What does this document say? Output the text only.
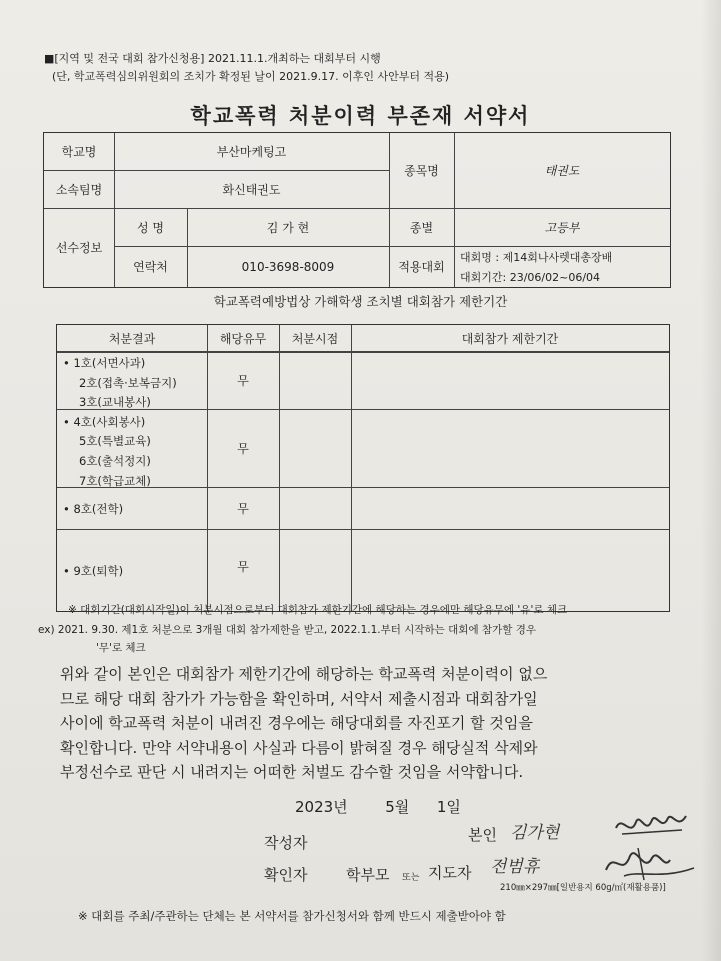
■[지역 및 전국 대회 참가신청용] 2021.11.1.개최하는 대회부터 시행
(단, 학교폭력심의위원회의 조치가 확정된 날이 2021.9.17. 이후인 사안부터 적용)
학교폭력 처분이력 부존재 서약서
학교명	부산마케팅고
소속팀명	화신태권도
종목명	태권도
선수정보
성 명	김 가 현	종별	고등부
연락처	010-3698-8009	적용대회
대회명 : 제14회나사렛대총장배
대회기간: 23/06/02~06/04
학교폭력예방법상 가해학생 조치별 대회참가 제한기간
처분결과	해당유무	처분시점	대회참가 제한기간
• 1호(서면사과)
2호(접촉·보복금지)
3호(교내봉사)
무
• 4호(사회봉사)
5호(특별교육)
6호(출석정지)
7호(학급교체)
무
• 8호(전학)	무
• 9호(퇴학)	무
※ 대회기간(대회시작일)이 처분시점으로부터 대회참가 제한기간에 해당하는 경우에만 해당유무에 '유'로 체크
ex) 2021. 9.30. 제1호 처분으로 3개월 대회 참가제한을 받고, 2022.1.1.부터 시작하는 대회에 참가할 경우
'무'로 체크
위와 같이 본인은 대회참가 제한기간에 해당하는 학교폭력 처분이력이 없으
므로 해당 대회 참가가 가능함을 확인하며, 서약서 제출시점과 대회참가일
사이에 학교폭력 처분이 내려진 경우에는 해당대회를 자진포기 할 것임을
확인합니다. 만약 서약내용이 사실과 다름이 밝혀질 경우 해당실적 삭제와
부정선수로 판단 시 내려지는 어떠한 처벌도 감수할 것임을 서약합니다.
2023년	5월 1일
작성자	본인 김가현
확인자	학부모 또는 지도자 전범휴
210㎜×297㎜[일반용지 60g/㎡(재활용품)]
※ 대회를 주최/주관하는 단체는 본 서약서를 참가신청서와 함께 반드시 제출받아야 함
